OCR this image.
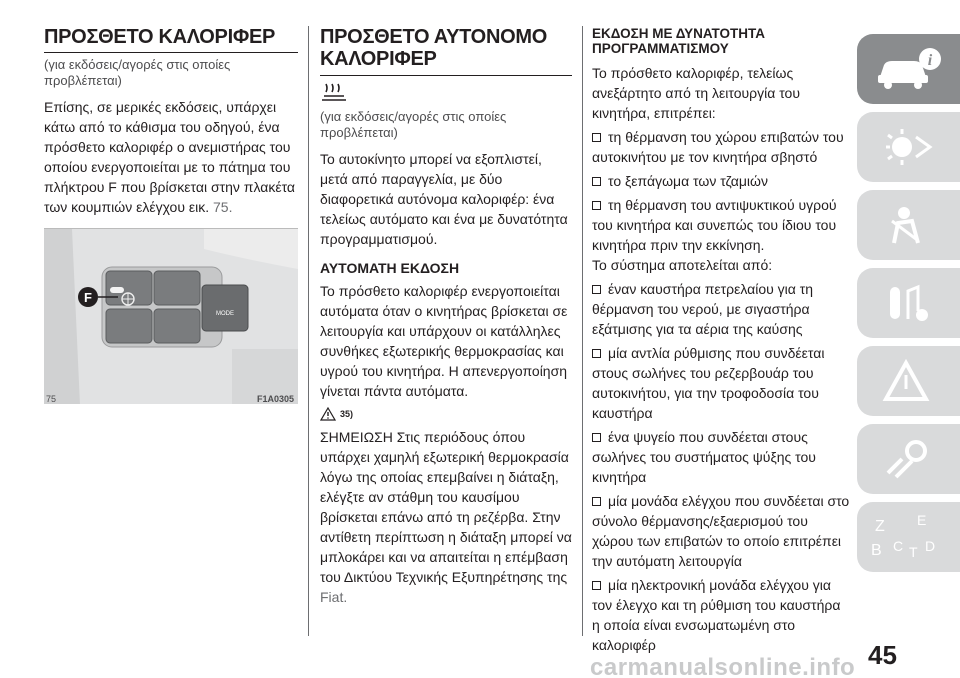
ΠΡΟΣΘΕΤΟ ΚΑΛΟΡΙΦΕΡ
(για εκδόσεις/αγορές στις οποίες προβλέπεται)

Επίσης, σε μερικές εκδόσεις, υπάρχει κάτω από το κάθισμα του οδηγού, ένα πρόσθετο καλοριφέρ ο ανεμιστήρας του οποίου ενεργοποιείται με το πάτημα του πλήκτρου F που βρίσκεται στην πλακέτα των κουμπιών ελέγχου εικ. 75.

MODE
F
75	F1A0305
ΠΡΟΣΘΕΤΟ ΑΥΤΟΝΟΜΟ
ΚΑΛΟΡΙΦΕΡ
(για εκδόσεις/αγορές στις οποίες προβλέπεται)

Το αυτοκίνητο μπορεί να εξοπλιστεί, μετά από παραγγελία, με δύο διαφορετικά αυτόνομα καλοριφέρ: ένα τελείως αυτόματο και ένα με δυνατότητα προγραμματισμού.

ΑΥΤΟΜΑΤΗ ΕΚΔΟΣΗ

Το πρόσθετο καλοριφέρ ενεργοποιείται αυτόματα όταν ο κινητήρας βρίσκεται σε λειτουργία και υπάρχουν οι κατάλληλες συνθήκες εξωτερικής θερμοκρασίας και υγρού του κινητήρα. Η απενεργοποίηση γίνεται πάντα αυτόματα.

35)

ΣΗΜΕΙΩΣΗ Στις περιόδους όπου υπάρχει χαμηλή εξωτερική θερμοκρασία λόγω της οποίας επεμβαίνει η διάταξη, ελέγξτε αν στάθμη του καυσίμου βρίσκεται επάνω από τη ρεζέρβα. Στην αντίθετη περίπτωση η διάταξη μπορεί να μπλοκάρει και να απαιτείται η επέμβαση του Δικτύου Τεχνικής Εξυπηρέτησης της Fiat.

ΕΚΔΟΣΗ ΜΕ ΔΥΝΑΤΟΤΗΤΑ
ΠΡΟΓΡΑΜΜΑΤΙΣΜΟΥ

Το πρόσθετο καλοριφέρ, τελείως ανεξάρτητο από τη λειτουργία του κινητήρα, επιτρέπει:

τη θέρμανση του χώρου επιβατών του αυτοκινήτου με τον κινητήρα σβηστό
το ξεπάγωμα των τζαμιών
τη θέρμανση του αντιψυκτικού υγρού του κινητήρα και συνεπώς του ίδιου του κινητήρα πριν την εκκίνηση.

Το σύστημα αποτελείται από:

έναν καυστήρα πετρελαίου για τη θέρμανση του νερού, με σιγαστήρα εξάτμισης για τα αέρια της καύσης
μία αντλία ρύθμισης που συνδέεται στους σωλήνες του ρεζερβουάρ του αυτοκινήτου, για την τροφοδοσία του καυστήρα
ένα ψυγείο που συνδέεται στους σωλήνες του συστήματος ψύξης του κινητήρα
μία μονάδα ελέγχου που συνδέεται στο σύνολο θέρμανσης/εξαερισμού του χώρου των επιβατών το οποίο επιτρέπει την αυτόματη λειτουργία
μία ηλεκτρονική μονάδα ελέγχου για τον έλεγχο και τη ρύθμιση του καυστήρα η οποία είναι ενσωματωμένη στο καλοριφέρ
i
Z E
B C T D
45
carmanualsonline.info
